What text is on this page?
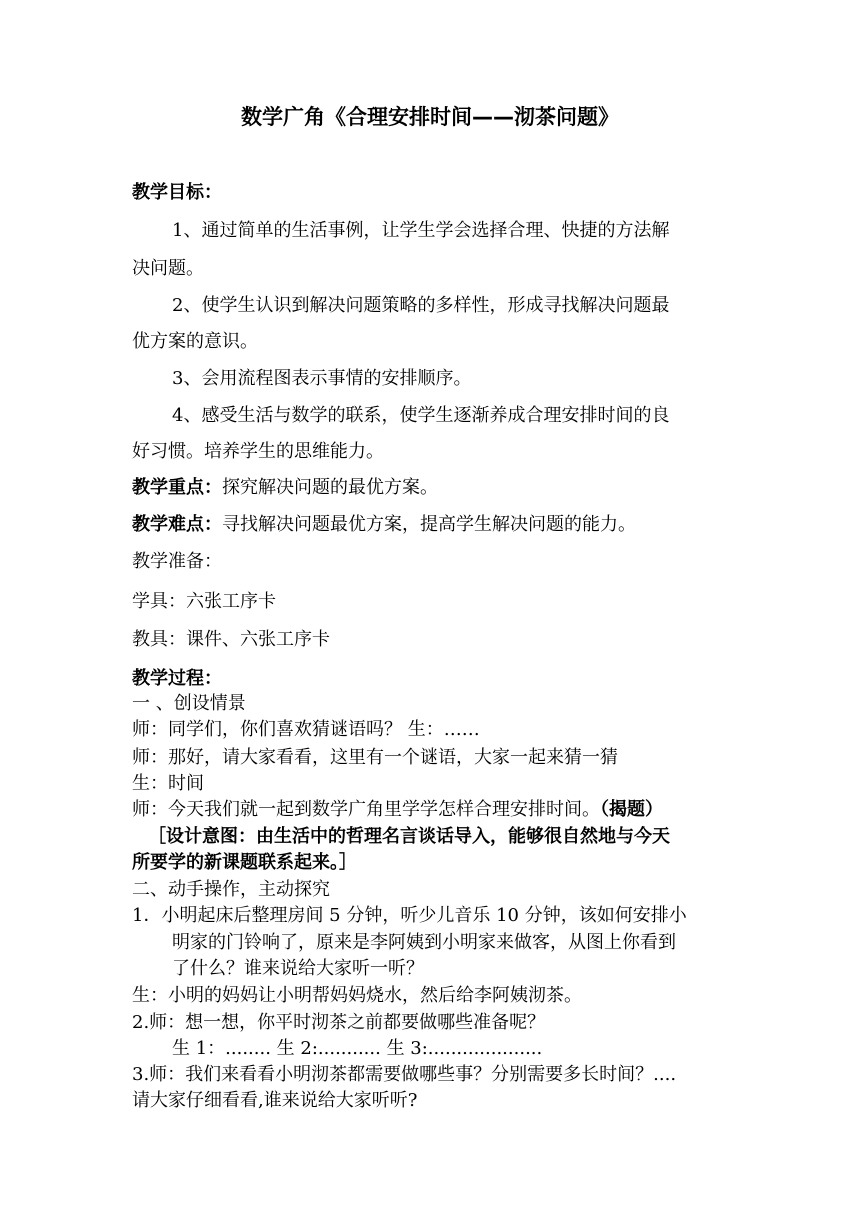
数学广角《合理安排时间——沏茶问题》
教学目标：
1、通过简单的生活事例，让学生学会选择合理、快捷的方法解
决问题。
2、使学生认识到解决问题策略的多样性，形成寻找解决问题最
优方案的意识。
3、会用流程图表示事情的安排顺序。
4、感受生活与数学的联系，使学生逐渐养成合理安排时间的良
好习惯。培养学生的思维能力。
教学重点：探究解决问题的最优方案。
教学难点：寻找解决问题最优方案，提高学生解决问题的能力。
教学准备：
学具：六张工序卡
教具：课件、六张工序卡
教学过程：
一 、创设情景
师：同学们，你们喜欢猜谜语吗？ 生：……
师：那好，请大家看看，这里有一个谜语，大家一起来猜一猜
生：时间
师：今天我们就一起到数学广角里学学怎样合理安排时间。（揭题）
［设计意图：由生活中的哲理名言谈话导入，能够很自然地与今天
所要学的新课题联系起来。］
二、动手操作，主动探究
1．小明起床后整理房间 5 分钟，听少儿音乐 10 分钟，该如何安排小
明家的门铃响了，原来是李阿姨到小明家来做客，从图上你看到
了什么？谁来说给大家听一听？
生：小明的妈妈让小明帮妈妈烧水，然后给李阿姨沏茶。
2.师：想一想，你平时沏茶之前都要做哪些准备呢？
生 1：........ 生 2:........... 生 3:....................
3.师：我们来看看小明沏茶都需要做哪些事？分别需要多长时间？....
请大家仔细看看,谁来说给大家听听?
